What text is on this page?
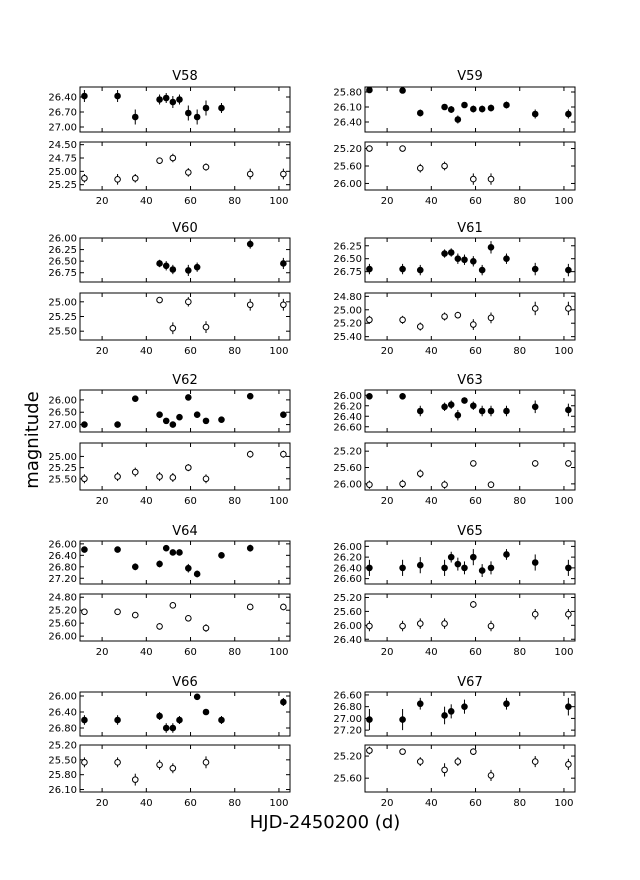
V58
26.40
26.70
27.00
20	40	60	80	100
24.50
24.75
25.00
25.25
V59
25.80
26.10
26.40
20	40	60	80	100
25.20
25.60
26.00
V60
26.00
26.25
26.50
26.75
20	40	60	80	100
25.00
25.25
25.50
V61
26.25
26.50
26.75
20	40	60	80	100
24.80
25.00
25.20
25.40
V62
26.00
26.50
27.00
20	40	60	80	100
25.00
25.25
25.50
V63
26.00
26.20
26.40
26.60
20	40	60	80	100
25.20
25.60
26.00
V64
26.00
26.40
26.80
27.20
20	40	60	80	100
24.80
25.20
25.60
26.00
V65
26.00
26.20
26.40
26.60
20	40	60	80	100
25.20
25.60
26.00
26.40
V66
26.00
26.40
26.80
20	40	60	80	100
25.20
25.50
25.80
26.10
V67
26.60
26.80
27.00
27.20
20	40	60	80	100
25.20
25.60
magnitude
HJD-2450200 (d)
